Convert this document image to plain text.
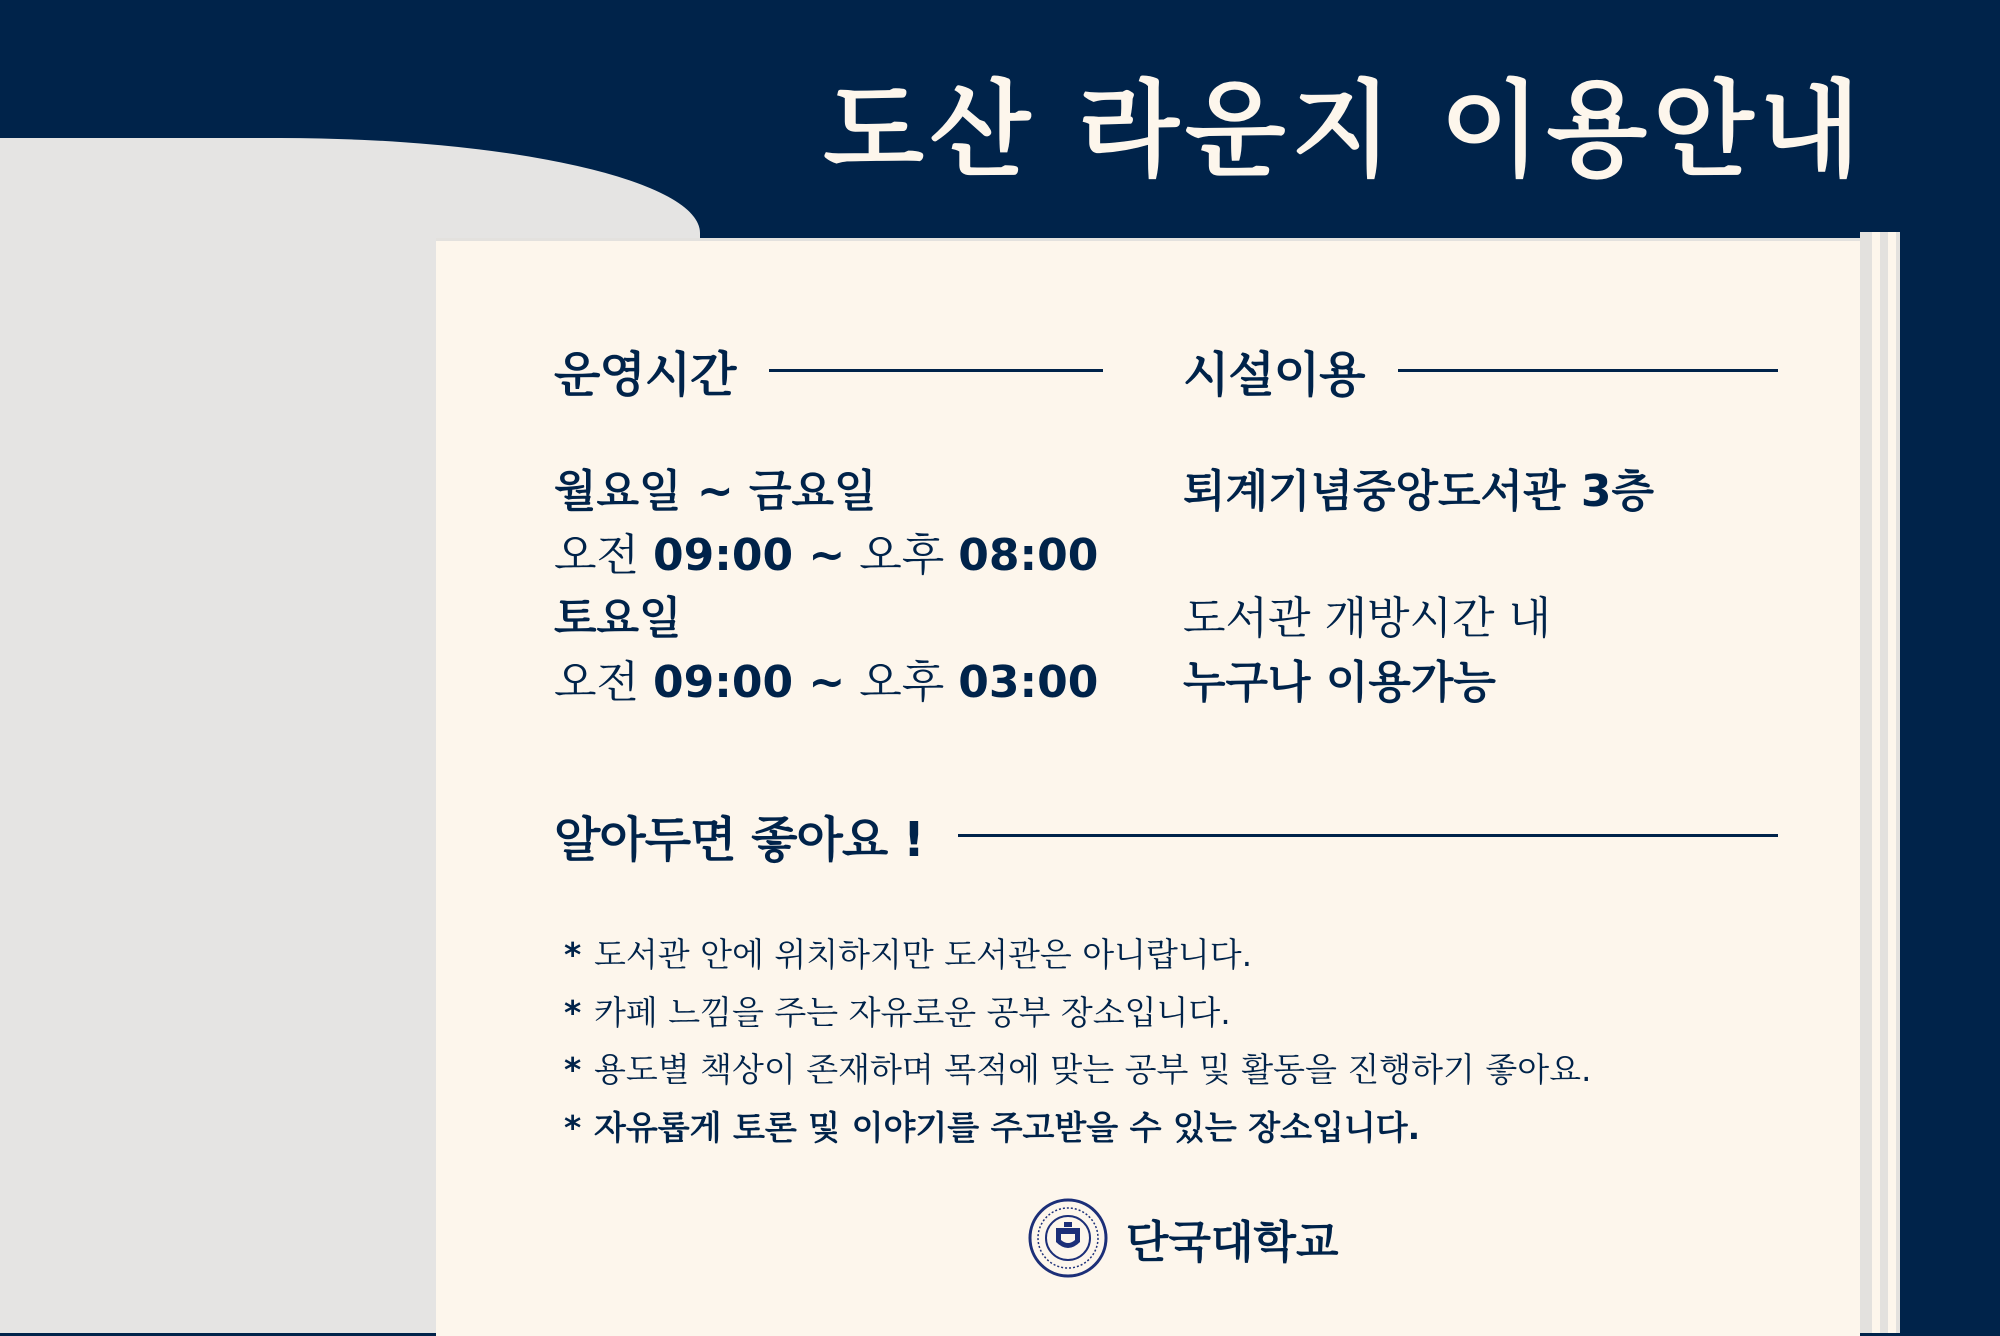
도산 라운지 이용안내
운영시간
월요일 ~ 금요일
오전 09:00 ~ 오후 08:00
토요일
오전 09:00 ~ 오후 03:00
시설이용
퇴계기념중앙도서관 3층
도서관 개방시간 내
누구나 이용가능
알아두면 좋아요 !
* 도서관 안에 위치하지만 도서관은 아니랍니다.
* 카페 느낌을 주는 자유로운 공부 장소입니다.
* 용도별 책상이 존재하며 목적에 맞는 공부 및 활동을 진행하기 좋아요.
* 자유롭게 토론 및 이야기를 주고받을 수 있는 장소입니다.
단국대학교
